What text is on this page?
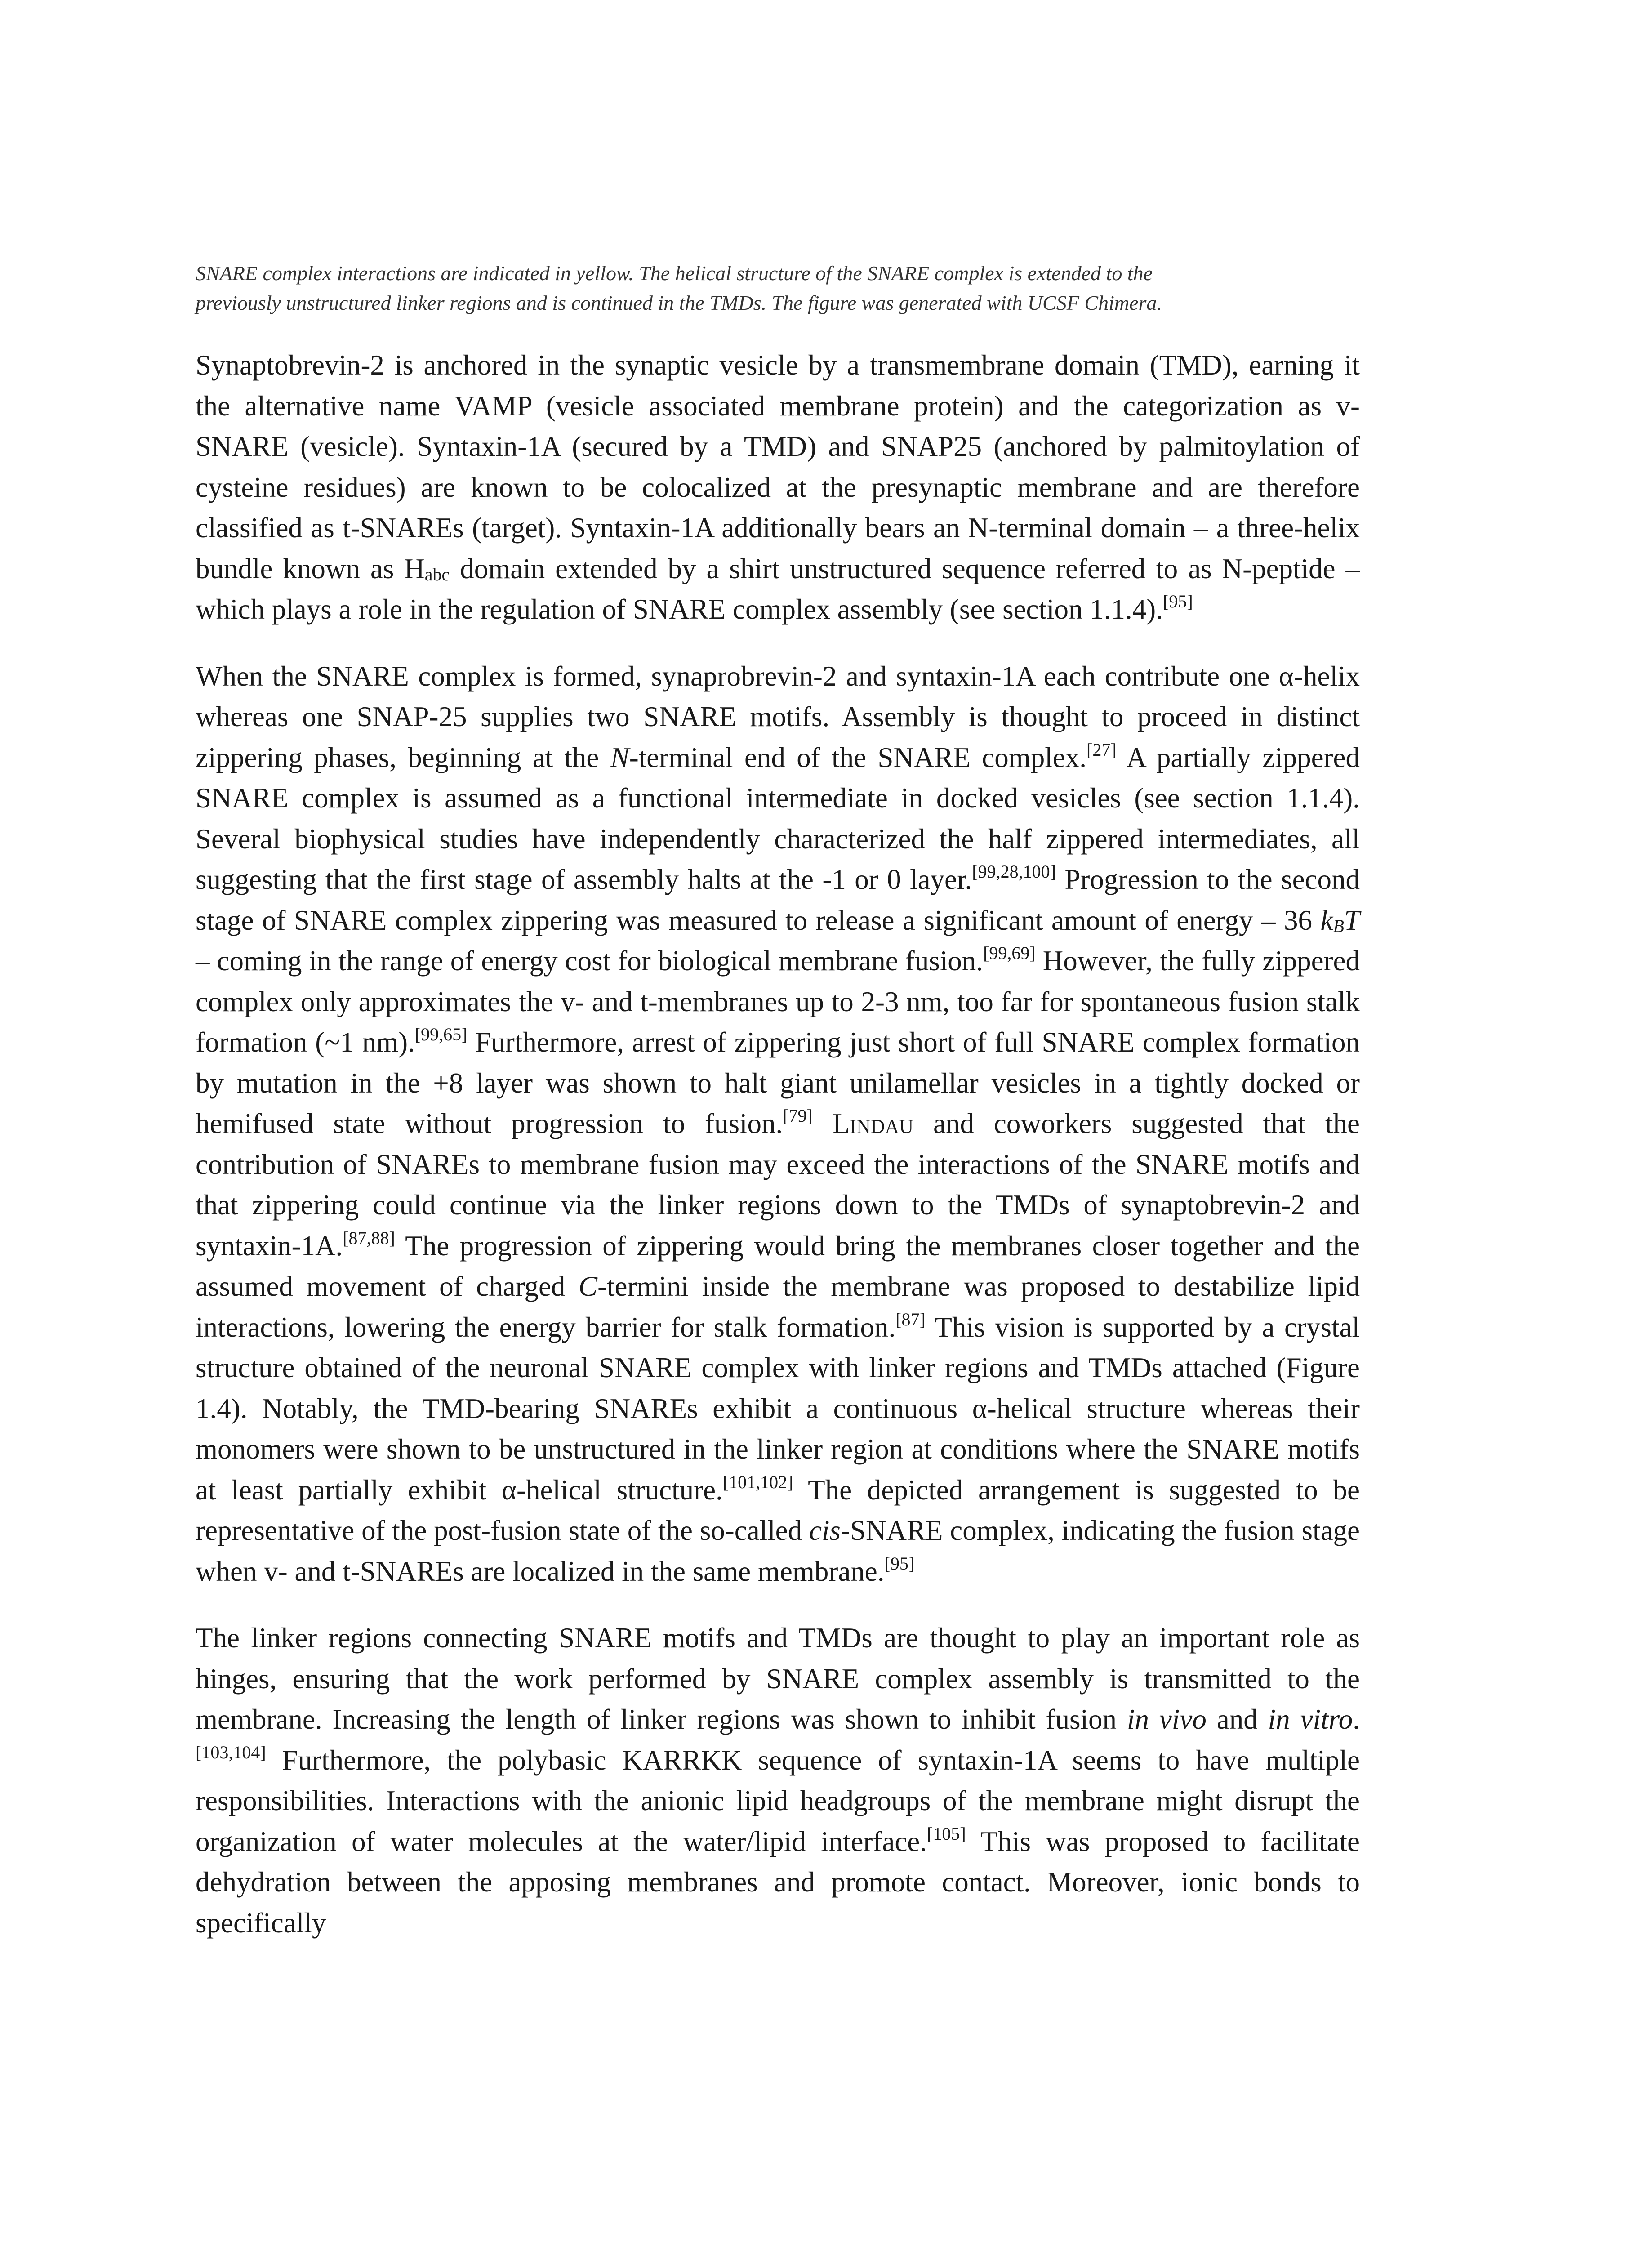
SNARE complex interactions are indicated in yellow. The helical structure of the SNARE complex is extended to the
previously unstructured linker regions and is continued in the TMDs. The figure was generated with UCSF Chimera.
Synaptobrevin-2 is anchored in the synaptic vesicle by a transmembrane domain (TMD), earning it the alternative name VAMP (vesicle associated membrane protein) and the categorization as v-SNARE (vesicle). Syntaxin-1A (secured by a TMD) and SNAP25 (anchored by palmitoylation of cysteine residues) are known to be colocalized at the presynaptic membrane and are therefore classified as t-SNAREs (target). Syntaxin-1A additionally bears an N-terminal domain – a three-helix bundle known as $H_{abc}$ domain extended by a shirt unstructured sequence referred to as N-peptide – which plays a role in the regulation of SNARE complex assembly (see section 1.1.4).[95]
When the SNARE complex is formed, synaprobrevin-2 and syntaxin-1A each contribute one α-helix whereas one SNAP-25 supplies two SNARE motifs. Assembly is thought to proceed in distinct zippering phases, beginning at the N-terminal end of the SNARE complex.[27] A partially zippered SNARE complex is assumed as a functional intermediate in docked vesicles (see section 1.1.4). Several biophysical studies have independently characterized the half zippered intermediates, all suggesting that the first stage of assembly halts at the -1 or 0 layer.[99,28,100] Progression to the second stage of SNARE complex zippering was measured to release a significant amount of energy – 36 $k_BT$ – coming in the range of energy cost for biological membrane fusion.[99,69] However, the fully zippered complex only approximates the v- and t-membranes up to 2-3 nm, too far for spontaneous fusion stalk formation (~1 nm).[99,65] Furthermore, arrest of zippering just short of full SNARE complex formation by mutation in the +8 layer was shown to halt giant unilamellar vesicles in a tightly docked or hemifused state without progression to fusion.[79] Lindau and coworkers suggested that the contribution of SNAREs to membrane fusion may exceed the interactions of the SNARE motifs and that zippering could continue via the linker regions down to the TMDs of synaptobrevin-2 and syntaxin-1A.[87,88] The progression of zippering would bring the membranes closer together and the assumed movement of charged C-termini inside the membrane was proposed to destabilize lipid interactions, lowering the energy barrier for stalk formation.[87] This vision is supported by a crystal structure obtained of the neuronal SNARE complex with linker regions and TMDs attached (Figure 1.4). Notably, the TMD-bearing SNAREs exhibit a continuous α-helical structure whereas their monomers were shown to be unstructured in the linker region at conditions where the SNARE motifs at least partially exhibit α-helical structure.[101,102] The depicted arrangement is suggested to be representative of the post-fusion state of the so-called cis-SNARE complex, indicating the fusion stage when v- and t-SNAREs are localized in the same membrane.[95]
The linker regions connecting SNARE motifs and TMDs are thought to play an important role as hinges, ensuring that the work performed by SNARE complex assembly is transmitted to the membrane. Increasing the length of linker regions was shown to inhibit fusion in vivo and in vitro.[103,104] Furthermore, the polybasic KARRKK sequence of syntaxin-1A seems to have multiple responsibilities. Interactions with the anionic lipid headgroups of the membrane might disrupt the organization of water molecules at the water/lipid interface.[105] This was proposed to facilitate dehydration between the apposing membranes and promote contact. Moreover, ionic bonds to specifically
